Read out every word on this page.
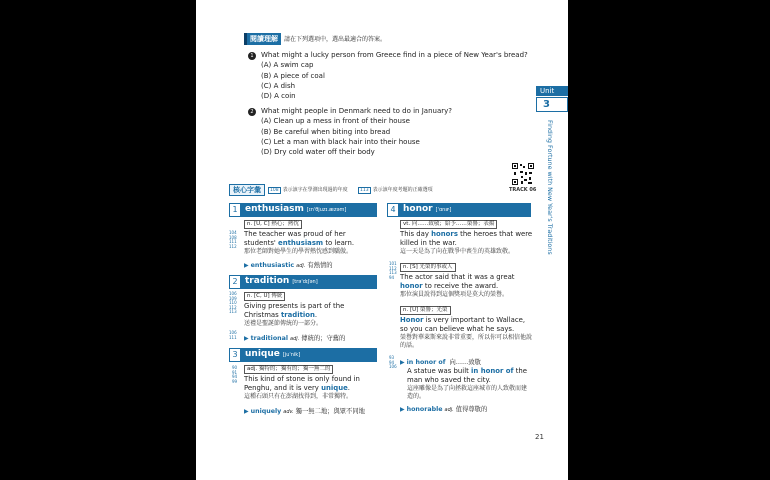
閱讀理解	請在下列選項中，選出最適合的答案。
1 What might a lucky person from Greece find in a piece of New Year's bread?
(A) A swim cap
(B) A piece of coal
(C) A dish
(D) A coin
2 What might people in Denmark need to do in January?
(A) Clean up a mess in front of their house
(B) Be careful when biting into bread
(C) Let a man with black hair into their house
(D) Dry cold water off their body
Unit
3
Finding Fortune with New Year's Traditions
TRACK 06
核心字彙	108 表示該字在學測出現過的年度	113 表示該年度考題的正確選項
1 enthusiasm [ɪnˈθjuzɪ.æzəm]
n. [U, C] 熱心；熱忱
104
108
111
112
The teacher was proud of her students' enthusiasm to learn.
那位老師對她學生的學習熱忱感到驕傲。
▶ enthusiastic adj. 有熱情的
2 tradition [trəˈdɪʃən]
n. [C, U] 傳統
106
109
110
112
113
Giving presents is part of the Christmas tradition.
送禮是聖誕節傳統的一部分。
106
111 ▶ traditional adj. 傳統的；守舊的
3 unique [juˈnik]
adj. 獨特的；獨有的；獨一無二的
90
91
94
99 This kind of stone is only found in Penghu, and it is very unique.
這種石頭只有在澎湖找得到，非常獨特。
▶ uniquely adv. 獨一無二地；與眾不同地
4 honor [ˈɑnɚ]
vt. 向……致敬；給予……榮譽；表揚
This day honors the heroes that were killed in the war.
這一天是為了向在戰爭中喪生的英雄致敬。
n. [S] 光榮的事或人
101
112
113
94 The actor said that it was a great honor to receive the award.
那位演員說得到這個獎項是莫大的榮譽。
n. [U] 榮譽；光榮
Honor is very important to Wallace, so you can believe what he says.
榮譽對華萊斯來說非常重要，所以你可以相信他說的話。
93
94
106
▶ in honor of 向……致敬
A statue was built in honor of the man who saved the city.
這座雕像是為了向拯救這座城市的人致敬而建造的。
▶ honorable adj. 值得尊敬的
21
